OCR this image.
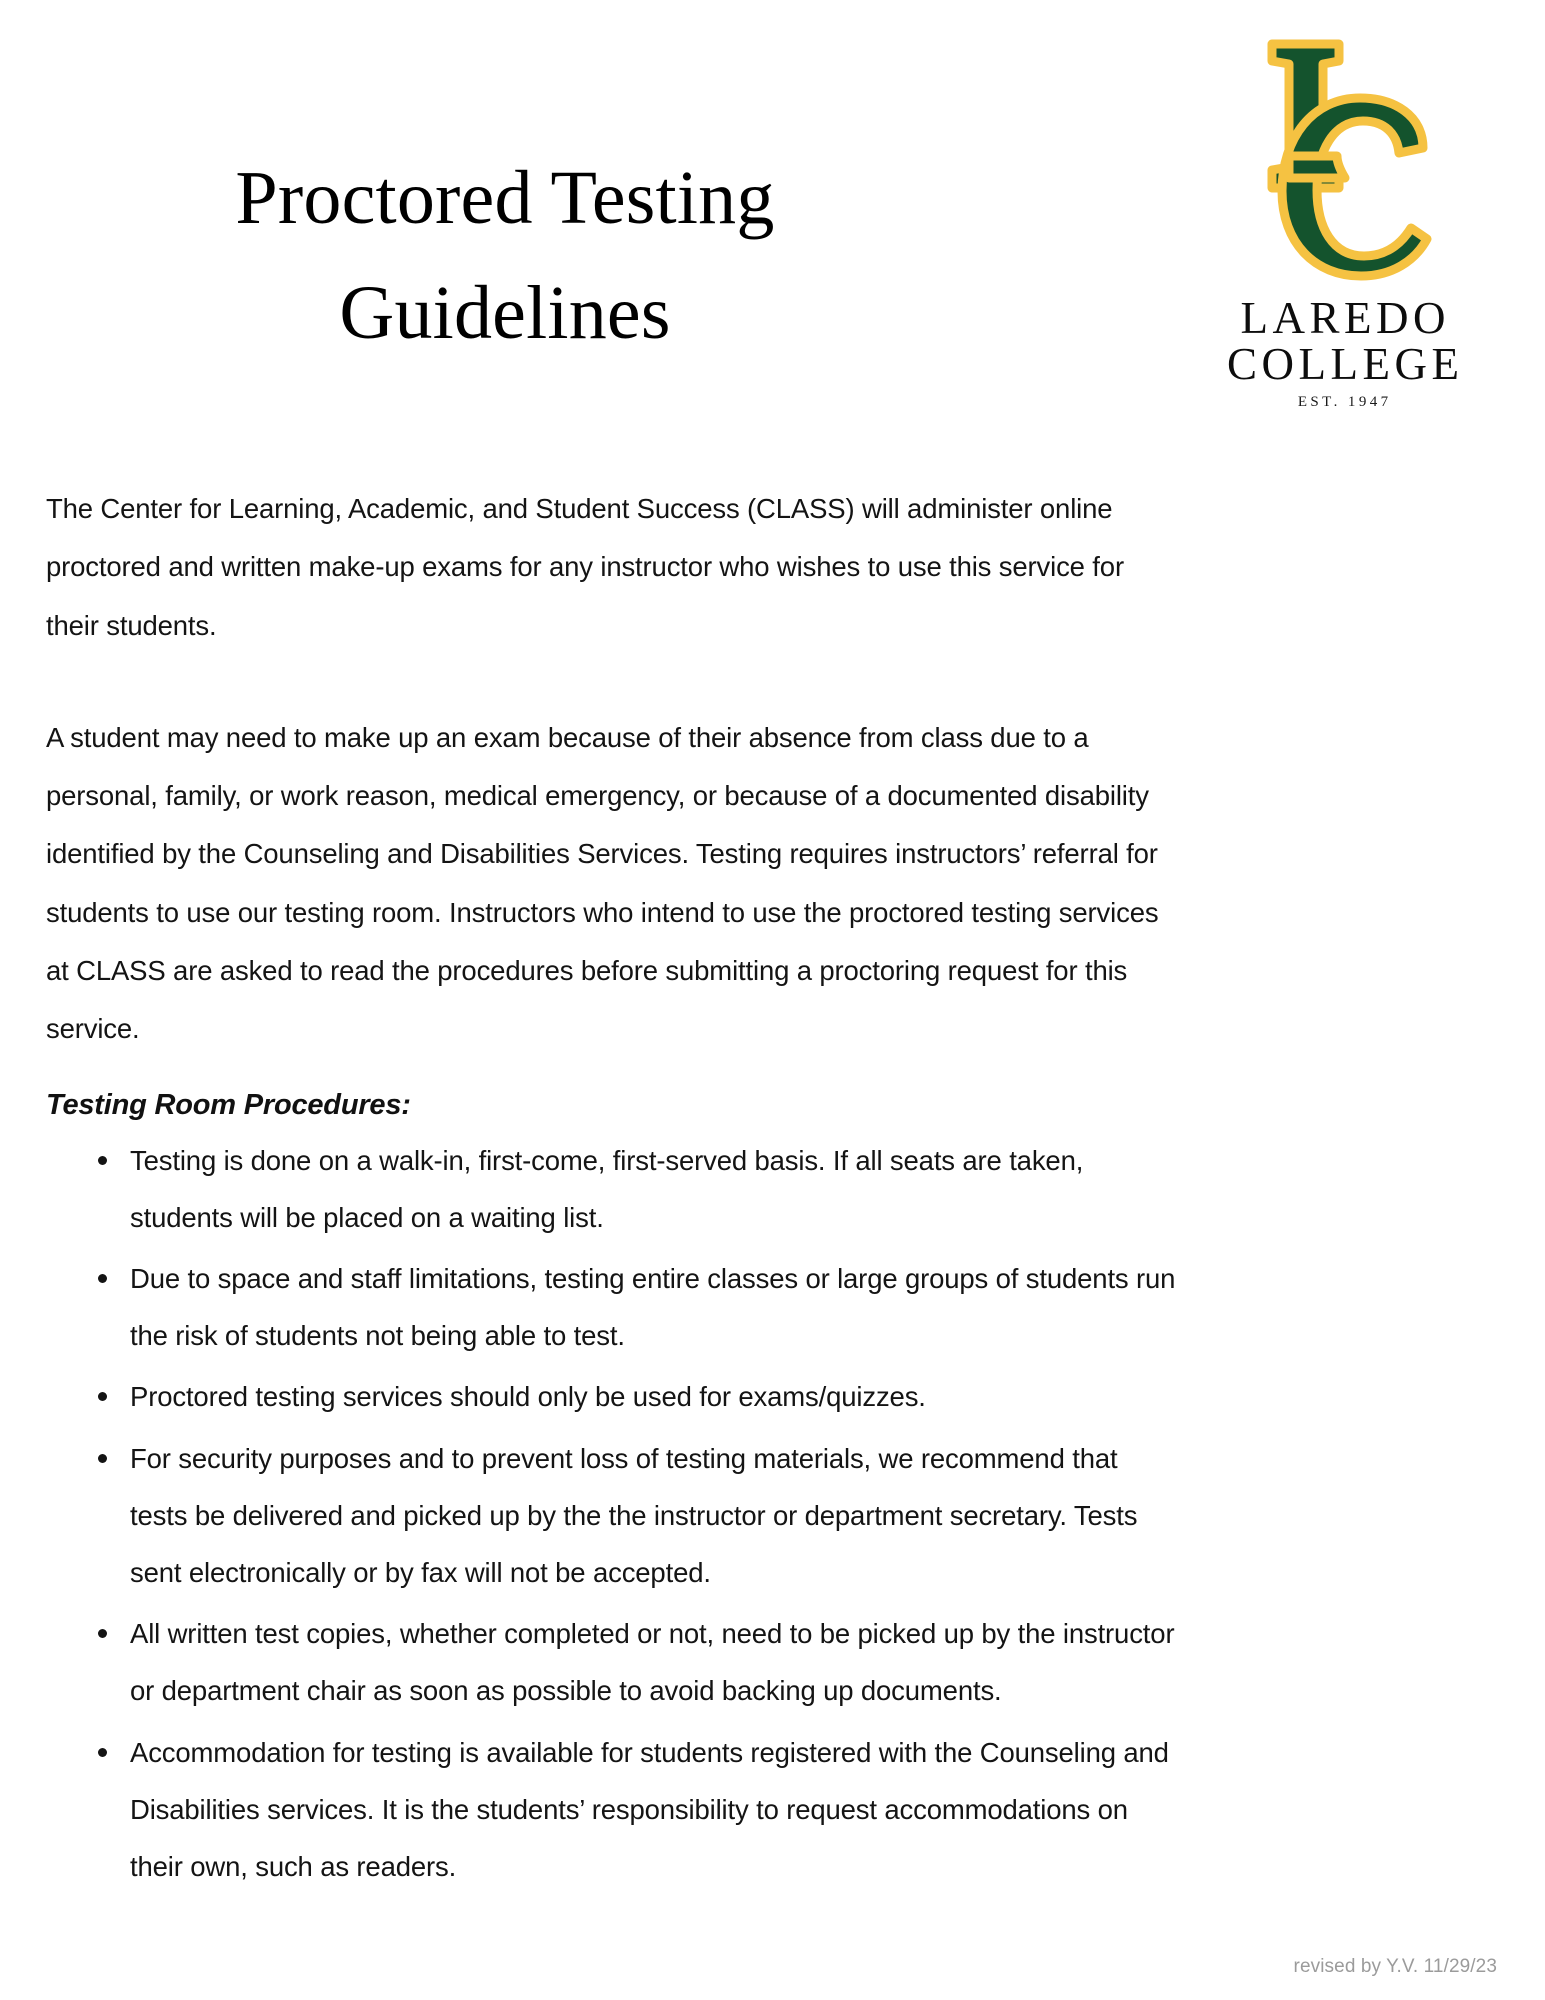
Proctored Testing Guidelines	LAREDO
COLLEGE
EST. 1947

The Center for Learning, Academic, and Student Success (CLASS) will administer online proctored and written make-up exams for any instructor who wishes to use this service for their students.

A student may need to make up an exam because of their absence from class due to a personal, family, or work reason, medical emergency, or because of a documented disability identified by the Counseling and Disabilities Services. Testing requires instructors’ referral for students to use our testing room. Instructors who intend to use the proctored testing services at CLASS are asked to read the procedures before submitting a proctoring request for this service.

Testing Room Procedures:
Testing is done on a walk-in, first-come, first-served basis. If all seats are taken, students will be placed on a waiting list.
Due to space and staff limitations, testing entire classes or large groups of students run the risk of students not being able to test.
Proctored testing services should only be used for exams/quizzes.
For security purposes and to prevent loss of testing materials, we recommend that tests be delivered and picked up by the the instructor or department secretary. Tests sent electronically or by fax will not be accepted.
All written test copies, whether completed or not, need to be picked up by the instructor or department chair as soon as possible to avoid backing up documents.
Accommodation for testing is available for students registered with the Counseling and Disabilities services. It is the students’ responsibility to request accommodations on their own, such as readers.
revised by Y.V. 11/29/23
